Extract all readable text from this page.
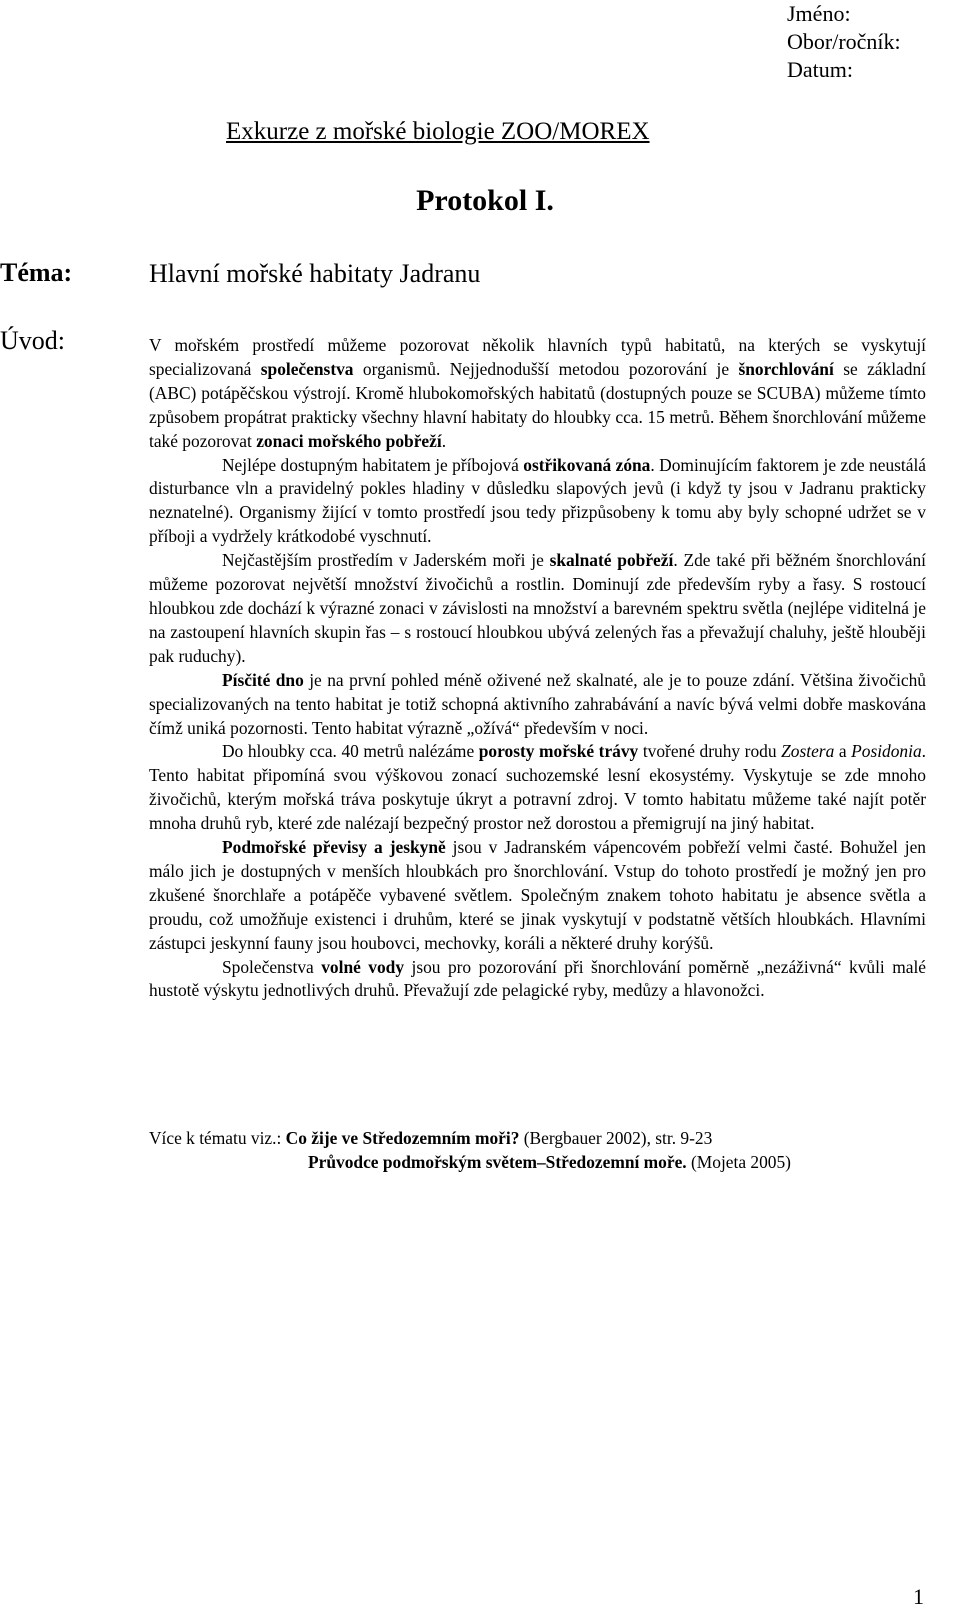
Jméno:
Obor/ročník:
Datum:
Exkurze z mořské biologie ZOO/MOREX
Protokol I.
Téma:	Hlavní mořské habitaty Jadranu
Úvod:	V mořském prostředí můžeme pozorovat několik hlavních typů habitatů, na kterých se vyskytují specializovaná společenstva organismů. Nejjednodušší metodou pozorování je šnorchlování se základní (ABC) potápěčskou výstrojí. Kromě hlubokomořských habitatů (dostupných pouze se SCUBA) můžeme tímto způsobem propátrat prakticky všechny hlavní habitaty do hloubky cca. 15 metrů. Během šnorchlování můžeme také pozorovat zonaci mořského pobřeží.

Nejlépe dostupným habitatem je příbojová ostřikovaná zóna. Dominujícím faktorem je zde neustálá disturbance vln a pravidelný pokles hladiny v důsledku slapových jevů (i když ty jsou v Jadranu prakticky neznatelné). Organismy žijící v tomto prostředí jsou tedy přizpůsobeny k tomu aby byly schopné udržet se v příboji a vydržely krátkodobé vyschnutí.

Nejčastějším prostředím v Jaderském moři je skalnaté pobřeží. Zde také při běžném šnorchlování můžeme pozorovat největší množství živočichů a rostlin. Dominují zde především ryby a řasy. S rostoucí hloubkou zde dochází k výrazné zonaci v závislosti na množství a barevném spektru světla (nejlépe viditelná je na zastoupení hlavních skupin řas – s rostoucí hloubkou ubývá zelených řas a převažují chaluhy, ještě hlouběji pak ruduchy).

Písčité dno je na první pohled méně oživené než skalnaté, ale je to pouze zdání. Většina živočichů specializovaných na tento habitat je totiž schopná aktivního zahrabávání a navíc bývá velmi dobře maskována čímž uniká pozornosti. Tento habitat výrazně „ožívá“ především v noci.

Do hloubky cca. 40 metrů nalézáme porosty mořské trávy tvořené druhy rodu Zostera a Posidonia. Tento habitat připomíná svou výškovou zonací suchozemské lesní ekosystémy. Vyskytuje se zde mnoho živočichů, kterým mořská tráva poskytuje úkryt a potravní zdroj. V tomto habitatu můžeme také najít potěr mnoha druhů ryb, které zde nalézají bezpečný prostor než dorostou a přemigrují na jiný habitat.

Podmořské převisy a jeskyně jsou v Jadranském vápencovém pobřeží velmi časté. Bohužel jen málo jich je dostupných v menších hloubkách pro šnorchlování. Vstup do tohoto prostředí je možný jen pro zkušené šnorchlaře a potápěče vybavené světlem. Společným znakem tohoto habitatu je absence světla a proudu, což umožňuje existenci i druhům, které se jinak vyskytují v podstatně větších hloubkách. Hlavními zástupci jeskynní fauny jsou houbovci, mechovky, koráli a některé druhy korýšů.

Společenstva volné vody jsou pro pozorování při šnorchlování poměrně „nezáživná“ kvůli malé hustotě výskytu jednotlivých druhů. Převažují zde pelagické ryby, medůzy a hlavonožci.

Více k tématu viz.: Co žije ve Středozemním moři? (Bergbauer 2002), str. 9-23
Průvodce podmořským světem–Středozemní moře. (Mojeta 2005)
1
